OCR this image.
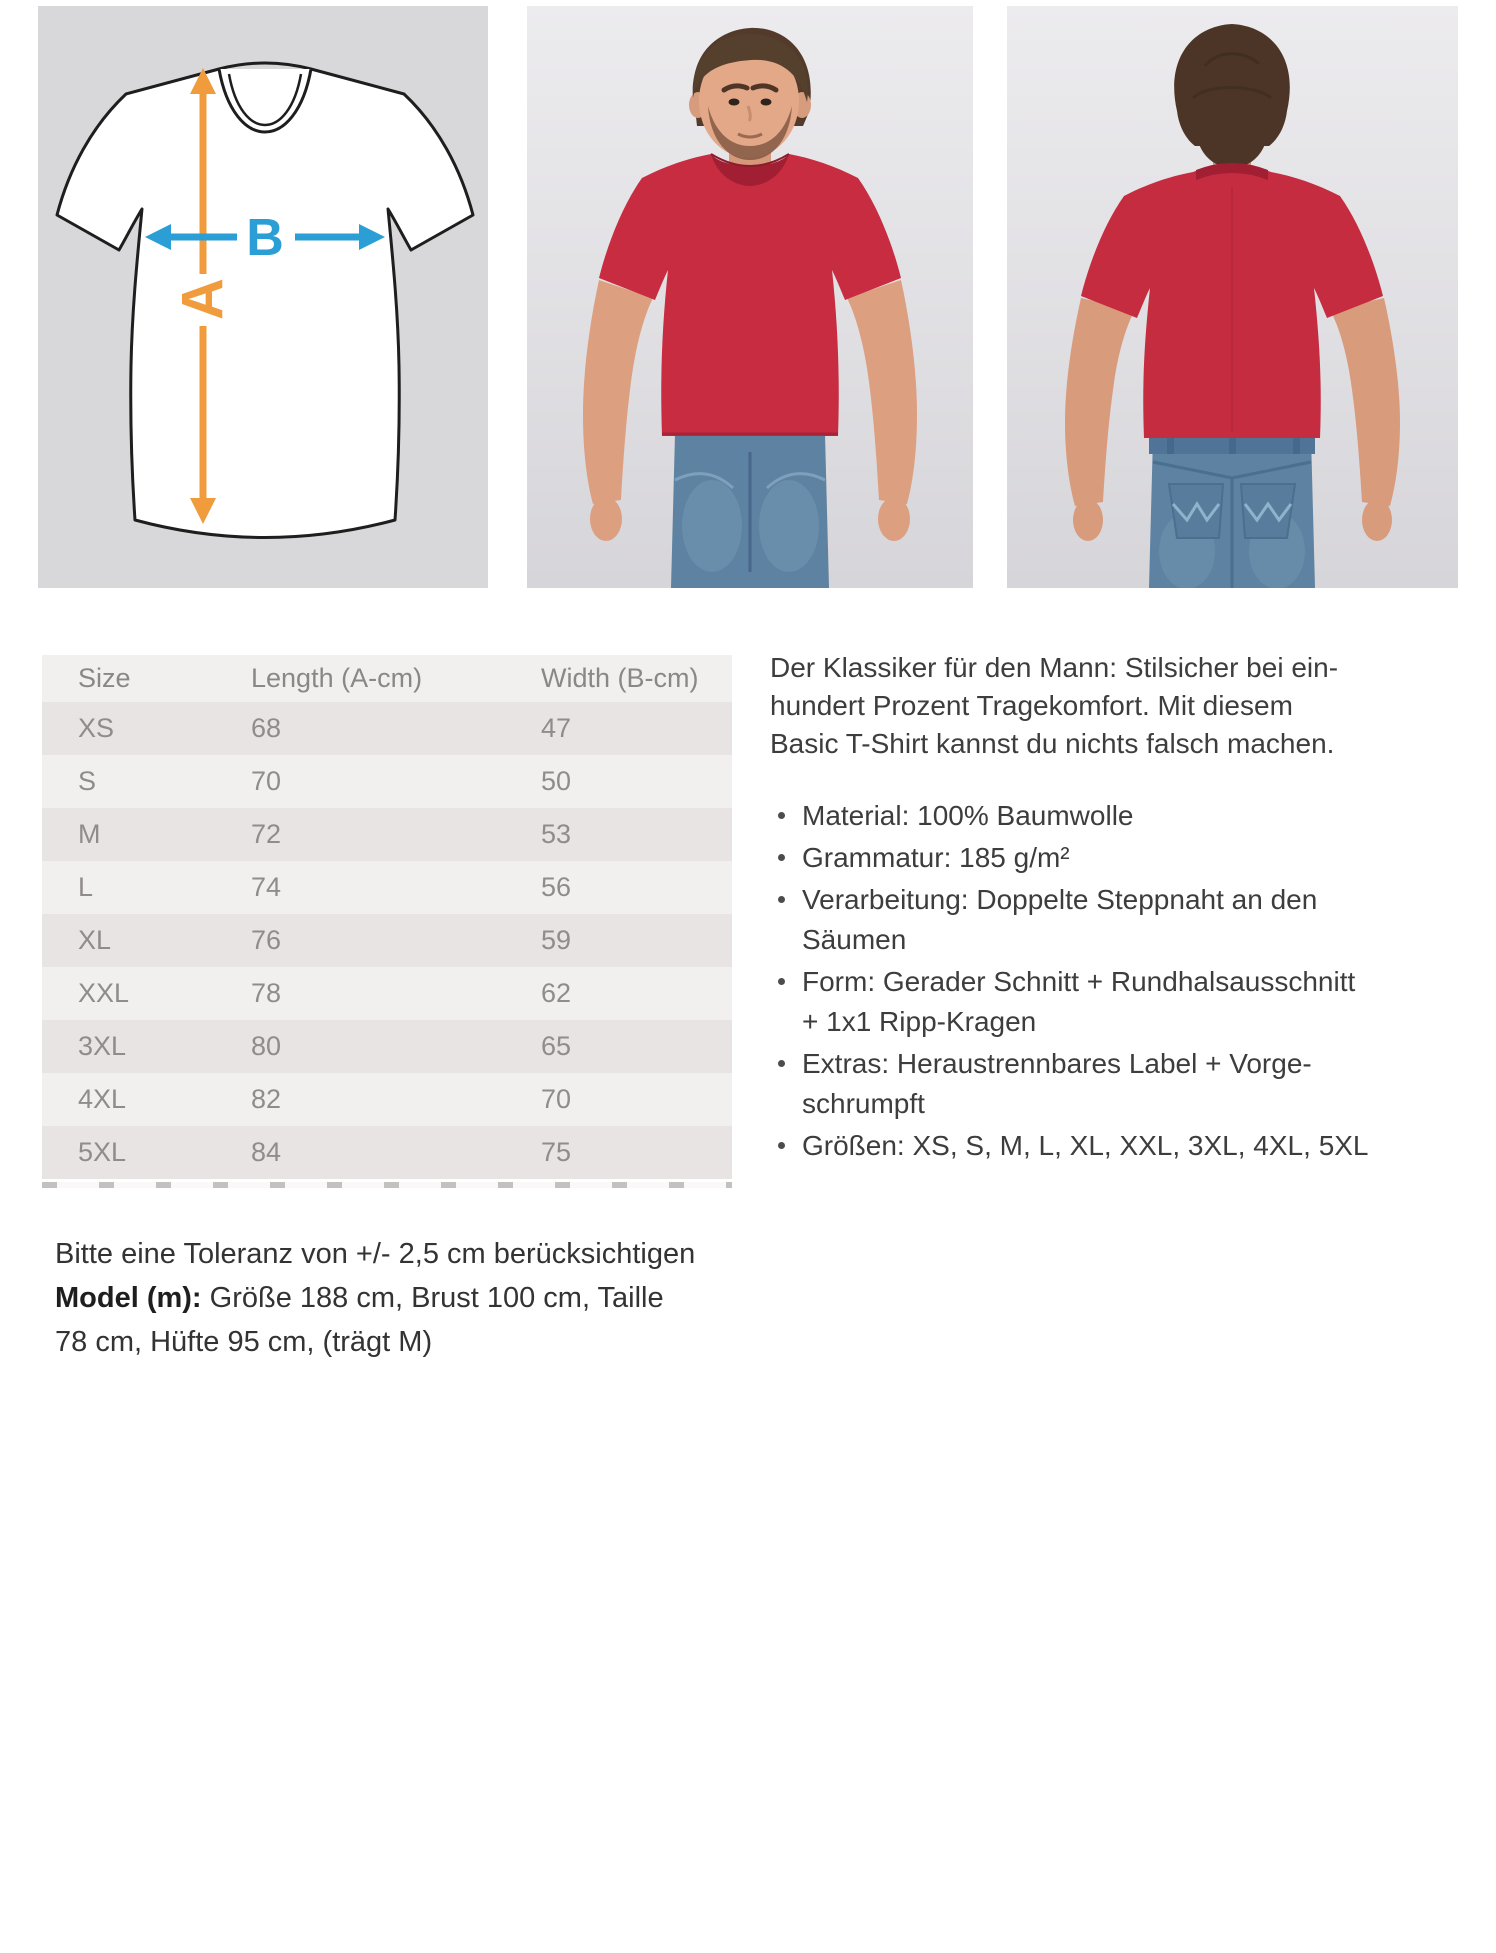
A
B
Size	Length (A-cm)	Width (B-cm)
XS	68	47
S	70	50
M	72	53
L	74	56
XL	76	59
XXL	78	62
3XL	80	65
4XL	82	70
5XL	84	75

Bitte eine Toleranz von +/- 2,5 cm berücksichtigen

Model (m): Größe 188 cm, Brust 100 cm, Taille

78 cm, Hüfte 95 cm, (trägt M)

Der Klassiker für den Mann: Stilsicher bei ein-
hundert Prozent Tragekomfort. Mit diesem
Basic T-Shirt kannst du nichts falsch machen.
Material: 100% Baumwolle
Grammatur: 185 g/m²
Verarbeitung: Doppelte Steppnaht an den
Säumen
Form: Gerader Schnitt + Rundhalsausschnitt
+ 1x1 Ripp-Kragen
Extras: Heraustrennbares Label + Vorge-
schrumpft
Größen: XS, S, M, L, XL, XXL, 3XL, 4XL, 5XL
